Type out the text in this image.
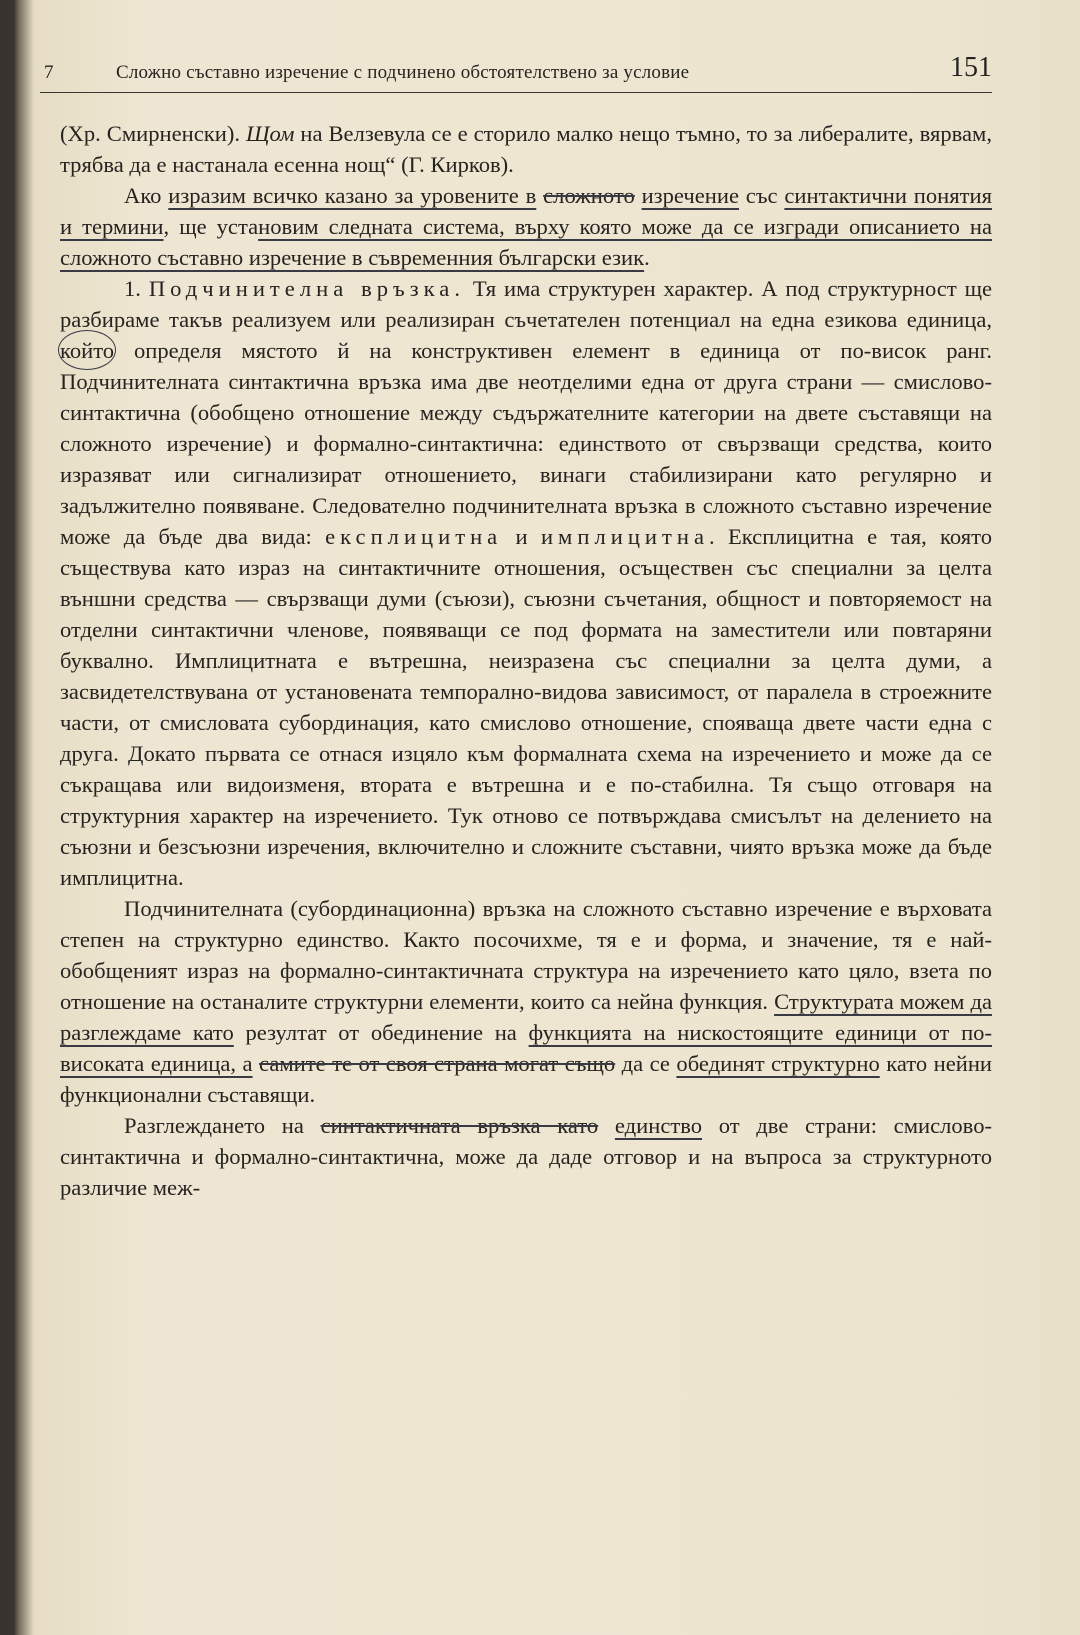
7	Сложно съставно изречение с подчинено обстоятелствено за условие	151

(Хр. Смирненски). Щом на Велзевула се е сторило малко нещо тъмно, то за либералите, вярвам, трябва да е настанала есенна нощ“ (Г. Кирков).

Ако изразим всичко казано за уровените в сложното изречение със синтактични понятия и термини, ще установим следната система, върху която може да се изгради описанието на сложното съставно изречение в съвременния български език.

1. Подчинителна връзка. Тя има структурен характер. А под структурност ще разбираме такъв реализуем или реализиран съчетателен потенциал на една езикова единица, който определя мястото й на конструктивен елемент в единица от по-висок ранг. Подчинителната синтактична връзка има две неотделими една от друга страни — смислово-синтактична (обобщено отношение между съдържателните категории на двете съставящи на сложното изречение) и формално-синтактична: единството от свързващи средства, които изразяват или сигнализират отношението, винаги стабилизирани като регулярно и задължително появяване. Следователно подчинителната връзка в сложното съставно изречение може да бъде два вида: експлицитна и имплицитна. Експлицитна е тая, която съществува като израз на синтактичните отношения, осъществен със специални за целта външни средства — свързващи думи (съюзи), съюзни съчетания, общност и повторяемост на отделни синтактични членове, появяващи се под формата на заместители или повтаряни буквално. Имплицитната е вътрешна, неизразена със специални за целта думи, а засвидетелствувана от установената темпорално-видова зависимост, от паралела в строежните части, от смисловата субординация, като смислово отношение, спояваща двете части една с друга. Докато първата се отнася изцяло към формалната схема на изречението и може да се съкращава или видоизменя, втората е вътрешна и е по-стабилна. Тя също отговаря на структурния характер на изречението. Тук отново се потвърждава смисълът на делението на съюзни и безсъюзни изречения, включително и сложните съставни, чиято връзка може да бъде имплицитна.

Подчинителната (субординационна) връзка на сложното съставно изречение е върховата степен на структурно единство. Както посочихме, тя е и форма, и значение, тя е най-обобщеният израз на формално-синтактичната структура на изречението като цяло, взета по отношение на останалите структурни елементи, които са нейна функция. Структурата можем да разглеждаме като резултат от обединение на функцията на нискостоящите единици от по-високата единица, а самите те от своя страна могат също да се обединят структурно като нейни функционални съставящи.

Разглеждането на синтактичната връзка като единство от две страни: смислово-синтактична и формално-синтактична, може да даде отговор и на въпроса за структурното различие меж-
